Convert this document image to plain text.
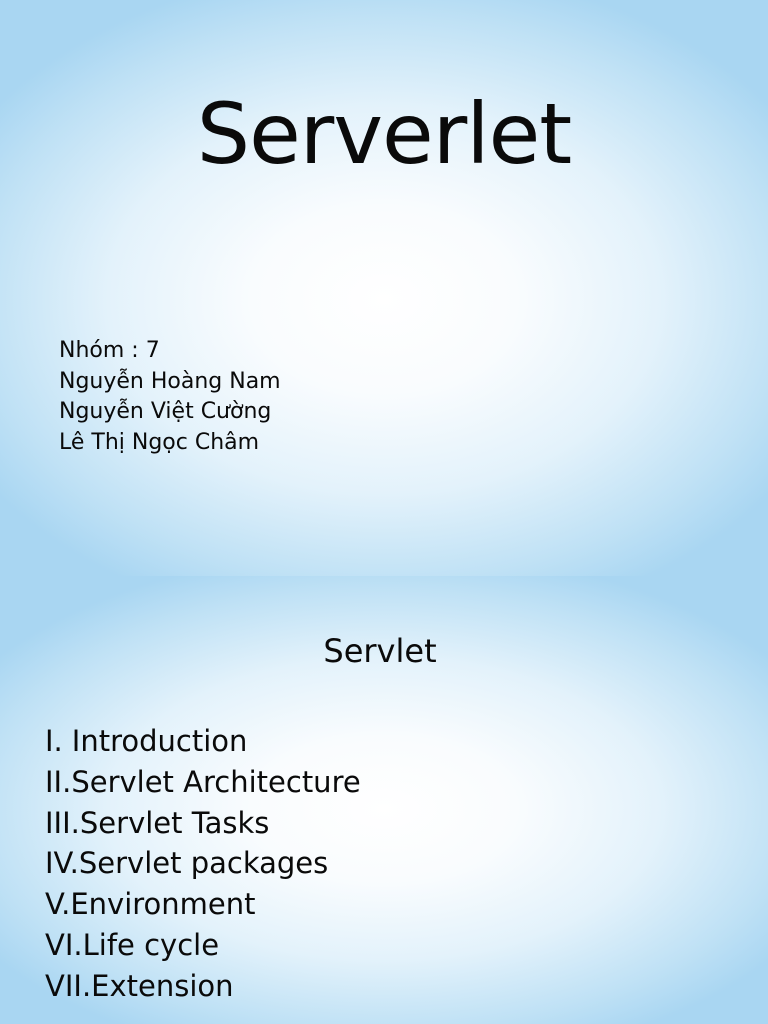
Serverlet
Nhóm : 7
Nguyễn Hoàng Nam
Nguyễn Việt Cường
Lê Thị Ngọc Châm
Servlet
I. Introduction
II.Servlet Architecture
III.Servlet Tasks
IV.Servlet packages
V.Environment
VI.Life cycle
VII.Extension
